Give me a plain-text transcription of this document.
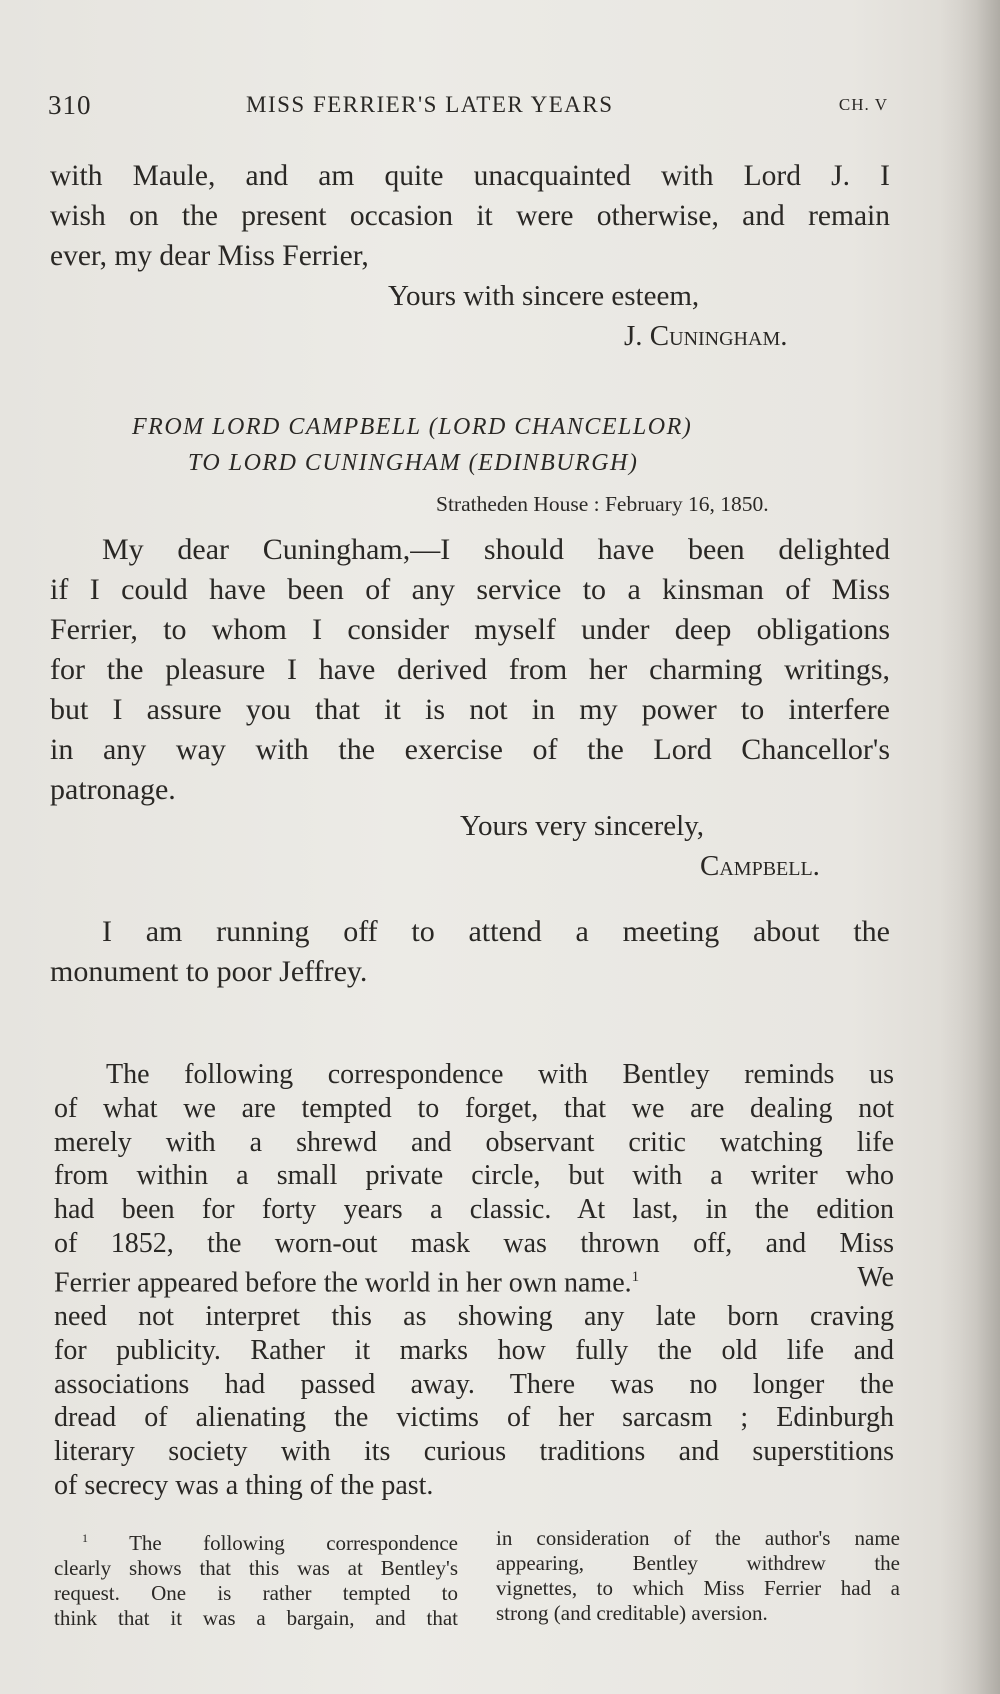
310	MISS FERRIER'S LATER YEARS	CH. V
with Maule, and am quite unacquainted with Lord J. I
wish on the present occasion it were otherwise, and remain
ever, my dear Miss Ferrier,
Yours with sincere esteem,
J. Cuningham.
FROM LORD CAMPBELL (LORD CHANCELLOR)
TO LORD CUNINGHAM (EDINBURGH)
Stratheden House : February 16, 1850.
My dear Cuningham,—I should have been delighted
if I could have been of any service to a kinsman of Miss
Ferrier, to whom I consider myself under deep obligations
for the pleasure I have derived from her charming writings,
but I assure you that it is not in my power to interfere
in any way with the exercise of the Lord Chancellor's
patronage.
Yours very sincerely,
Campbell.
I am running off to attend a meeting about the
monument to poor Jeffrey.
The following correspondence with Bentley reminds us
of what we are tempted to forget, that we are dealing not
merely with a shrewd and observant critic watching life
from within a small private circle, but with a writer who
had been for forty years a classic. At last, in the edition
of 1852, the worn-out mask was thrown off, and Miss
Ferrier appeared before the world in her own name.$^1$	We
need not interpret this as showing any late born craving
for publicity. Rather it marks how fully the old life and
associations had passed away. There was no longer the
dread of alienating the victims of her sarcasm ; Edinburgh
literary society with its curious traditions and superstitions
of secrecy was a thing of the past.
$^1$ The following correspondence
clearly shows that this was at Bentley's
request. One is rather tempted to
think that it was a bargain, and that
in consideration of the author's name
appearing, Bentley withdrew the
vignettes, to which Miss Ferrier had a
strong (and creditable) aversion.
